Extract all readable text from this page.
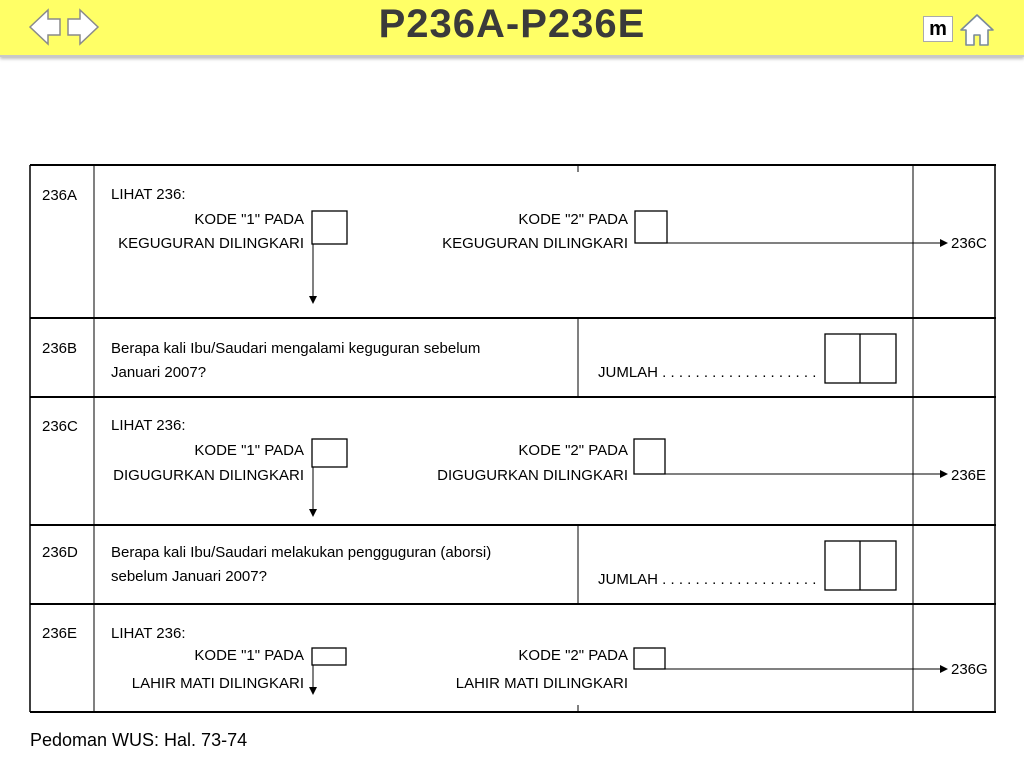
P236A-P236E	m
236A LIHAT 236:
KODE "1" PADA
KEGUGURAN DILINGKARI
KODE "2" PADA
KEGUGURAN DILINGKARI	236C
236B Berapa kali Ibu/Saudari mengalami keguguran sebelum
Januari 2007?	JUMLAH . . . . . . . . . . . . . . . . . . .
236C LIHAT 236:
KODE "1" PADA
DIGUGURKAN DILINGKARI
KODE "2" PADA
DIGUGURKAN DILINGKARI	236E
236D Berapa kali Ibu/Saudari melakukan pengguguran (aborsi)
sebelum Januari 2007?	JUMLAH . . . . . . . . . . . . . . . . . . .
236E LIHAT 236:
KODE "1" PADA
LAHIR MATI DILINGKARI
KODE "2" PADA
LAHIR MATI DILINGKARI
236G
Pedoman WUS: Hal. 73-74
